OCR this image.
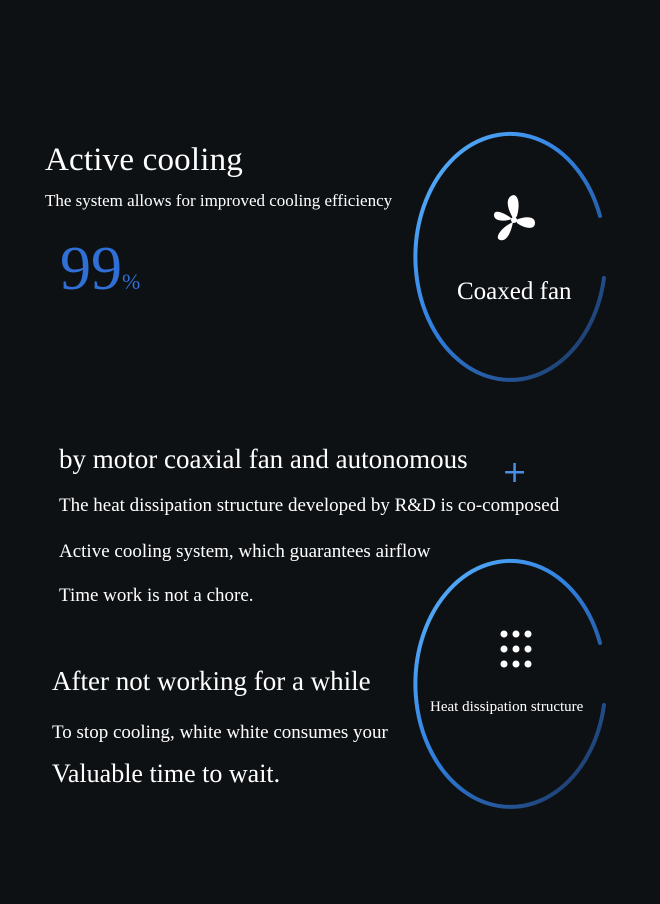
Active cooling
The system allows for improved cooling efficiency
99%	Coaxed fan
by motor coaxial fan and autonomous +
The heat dissipation structure developed by R&D is co-composed
Active cooling system, which guarantees airflow
Time work is not a chore.
After not working for a while
To stop cooling, white white consumes your
Valuable time to wait.
Heat dissipation structure
